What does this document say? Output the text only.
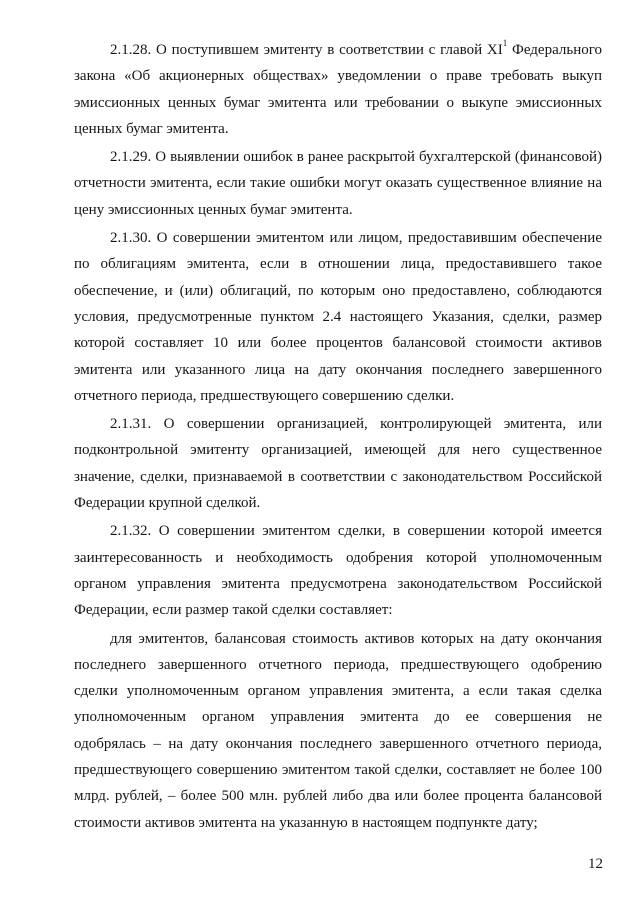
2.1.28. О поступившем эмитенту в соответствии с главой $XI^1$ Федерального
закона «Об акционерных обществах» уведомлении о праве требовать выкуп
эмиссионных ценных бумаг эмитента или требовании о выкупе эмиссионных
ценных бумаг эмитента.

2.1.29. О выявлении ошибок в ранее раскрытой бухгалтерской (финансовой)
отчетности эмитента, если такие ошибки могут оказать существенное влияние на
цену эмиссионных ценных бумаг эмитента.

2.1.30. О совершении эмитентом или лицом, предоставившим обеспечение
по облигациям эмитента, если в отношении лица, предоставившего такое
обеспечение, и (или) облигаций, по которым оно предоставлено, соблюдаются
условия, предусмотренные пунктом 2.4 настоящего Указания, сделки, размер
которой составляет 10 или более процентов балансовой стоимости активов
эмитента или указанного лица на дату окончания последнего завершенного
отчетного периода, предшествующего совершению сделки.

2.1.31. О совершении организацией, контролирующей эмитента, или
подконтрольной эмитенту организацией, имеющей для него существенное
значение, сделки, признаваемой в соответствии с законодательством Российской
Федерации крупной сделкой.

2.1.32. О совершении эмитентом сделки, в совершении которой имеется
заинтересованность и необходимость одобрения которой уполномоченным
органом управления эмитента предусмотрена законодательством Российской
Федерации, если размер такой сделки составляет:

для эмитентов, балансовая стоимость активов которых на дату окончания
последнего завершенного отчетного периода, предшествующего одобрению
сделки уполномоченным органом управления эмитента, а если такая сделка
уполномоченным органом управления эмитента до ее совершения не
одобрялась – на дату окончания последнего завершенного отчетного периода,
предшествующего совершению эмитентом такой сделки, составляет не более 100
млрд. рублей, – более 500 млн. рублей либо два или более процента балансовой
стоимости активов эмитента на указанную в настоящем подпункте дату;

12
